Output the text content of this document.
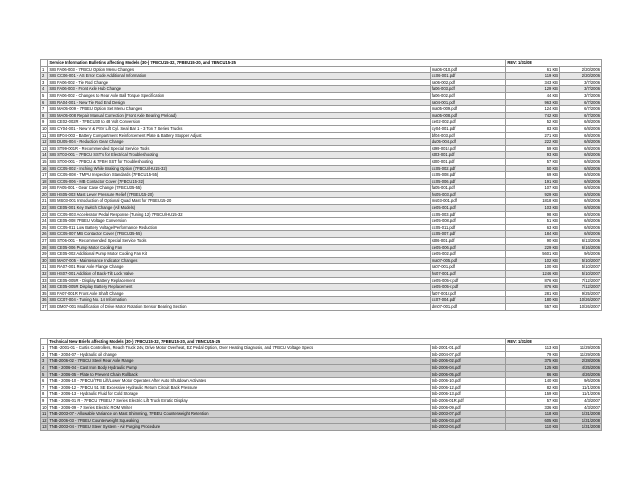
	Service Information Bulletins affecting Models (30-) 7FBCU15-32, 7FBEU15-20, and 7BNCU15-25		REV: 1/31/08	
1	SIB FA06-003 - 7FBCU Option Menu Changes	ma06-010.pdf	61 KB	2/20/2006
2	SIB CC06-001 - AS Error Code Additional Information	cc06-001.pdf	119 KB	2/20/2006
3	SIB FA06-002 - Tie Rod Change	ra06-002.pdf	343 KB	3/7/2006
4	SIB FA06-003 - Front Axle Hub Change	fa06-003.pdf	129 KB	3/7/2006
5	SIB FA06-002 - Changes to Rear Axle Ball Torque Specification	fa06-002.pdf	44 KB	3/7/2006
6	SIB RA04-001 - New Tie Rod End Design	ra04-001.pdf	963 KB	6/7/2006
7	SIB MA05-009 - 7FBEU Option Set Menu Changes	ma05-009.pdf	124 KB	6/7/2006
8	SIB MA05-008 Repair Manual Correction (Front Axle Bearing Preload)	ma05-008.pdf	742 KB	6/7/2006
9	SIB CE02-002R - 7FBCU30 to 48 Volt Conversion	ce02-002.pdf	52 KB	6/8/2006
10	SIB CY04-001 - New V & PSV Lift Cyl. Seal Bar 1 - 3 Ton 7 Series Trucks	cy04-001.pdf	83 KB	6/8/2006
11	SIB BF04-003 - Battery Compartment Reinforcement Plate & Battery Stopper Adjust	bf04-003.pdf	271 KB	6/8/2006
12	SIB DU05-004 - Reduction Gear Change	du05-004.pdf	222 KB	6/8/2006
13	SIB ST99-001R - Recommended Special Service Tools	st99-001r.pdf	59 KB	6/8/2006
14	SIB ST03-001 - 7FBCU SST's for Electrical Troubleshooting	st03-001.pdf	93 KB	6/8/2006
15	SIB ST00-001 - 7FBCU & 7FBH SST for Troubleshooting	st00-001.pdf	57 KB	6/8/2006
16	SIB CC05-002 - Inching While Braking Option (7FBCU/HU15-32)	cc05-002.pdf	50 KB	6/8/2006
17	SIB CC05-008 - TMPU Inspection Standards (7FBCU15-55)	cc05-008.pdf	69 KB	6/8/2006
18	SIB CC05-006 - MB Contactor Cover (7FBCU15-32)	cc05-006.pdf	191 KB	6/8/2006
19	SIB FA05-001 - Gear Case Change (7FBCU35-55)	fa05-001.pdf	107 KB	6/8/2006
20	SIB HS05-003 Mast Lever Pressure Relief (7FBEU15-20)	hs05-003.pdf	929 KB	6/8/2006
21	SIB MS03-001 Introduction of Optional Quad Mast for 7FBEU15-20	ms03-001.pdf	1818 KB	6/8/2006
22	SIB CE05-001 Key Switch Change (All Models)	ce05-001.pdf	103 KB	6/8/2006
23	SIB CC05-003 Accelerator Pedal Response (Tuning 12) 7FBCU/HU15-32	cc05-003.pdf	98 KB	6/8/2006
24	SIB CE05-008 7FBEU Voltage Conversion	ce05-008.pdf	51 KB	6/8/2006
25	SIB CC05-011 Low Battery Voltage/Performance Reduction	cc05-011.pdf	63 KB	6/8/2006
26	SIB CC05-007 MB Contactor Cover (7FBCU35-55)	cc05-007.pdf	184 KB	6/8/2006
27	SIB ST06-001 - Recommended Special Service Tools	st06-001.pdf	90 KB	6/13/2006
28	SIB CE05-006 Pump Motor Cooling Fan	ce05-006.pdf	229 KB	6/16/2006
29	SIB CE05-002 Additional Pump Motor Cooling Fan Kit	ce05-002.pdf	5601 KB	9/6/2006
30	SIB MA07-005 - Maintenance Indicator Changes	ma07-005.pdf	102 KB	5/10/2007
31	SIB RA07-001 Rear Axle Flange Change	ra07-001.pdf	100 KB	5/10/2007
32	SIB HS07-001 Addition of Back-Tilt Lock Valve	hs07-001.pdf	1246 KB	5/10/2007
33	SIB CE05-005R - Display Battery Replacement	ce05-005-r.pdf	876 KB	7/12/2007
34	SIB CE05-005R Display Battery Replacement	ce05-005-r.pdf	876 KB	7/12/2007
35	SIB FA07-001R Front Axle Shaft Change	fa07-001r.pdf	281 KB	9/25/2007
36	SIB CC07-004 - Tuning No. 14 Information	cc07-004.pdf	180 KB	10/26/2007
37	SIB DM07-001 Modification of Drive Motor Rotation Sensor Bearing Section	dm07-001.pdf	557 KB	10/26/2007
	Technical New Briefs affecting Models (30-) 7FBCU15-32, 7FBEU15-20, and 7BNCU15-25		REV: 1/31/08	
1	TNB -2001-01 - Curtis Controllers, Reach Truck 24v, Drive Motor Overheat, EZ Pedal Option, Over Heating Diagnosis, and 7FBCU Voltage Specs	tnb-2001-01.pdf	113 KB	11/29/2005
2	TNB - 2004-07 - Hydraulic oil change	tnb-2004-07.pdf	79 KB	11/29/2005
3	TNB-2006-02 - 7FBCU Steel Rear Axle Range	tnb-2006-02.pdf	375 KB	2/28/2006
4	TNB - 2006-04 - Cast Iron Body Hydraulic Pump	tnb-2006-04.pdf	125 KB	4/25/2006
5	TNB - 2006-05 - Plate to Prevent Chain Rollback	tnb-2006-05.pdf	86 KB	4/26/2006
6	TNB - 2006-10 - 7FBCU/7FB Lift/Lower Motor Operates After Auto Shutdown Activates	tnb-2006-10.pdf	140 KB	9/6/2006
7	TNB - 2006-12 - 7FBCU 51 SE Excessive Hydraulic Return Circuit Back Pressure	tnb-2006-12.pdf	82 KB	11/1/2006
8	TNB - 2006-13 - Hydraulic Fluid for Cold Storage	tnb-2006-13.pdf	159 KB	11/1/2006
9	TNB - 2006-01 R - 7FBCU 7FBEU 7 Series Electric Lift Truck Erratic Display	tnb-2006-01R.pdf	57 KB	4/3/2007
10	TNB - 2006-09 - 7 Series Electric ROM Writer	tnb-2006-09.pdf	336 KB	4/3/2007
11	TNB-2003-07 - Allowable Variance on Mast Shimming, 7FBEU Counterweight Retention	tnb-2003-07.pdf	118 KB	1/31/2008
12	TNB-2006-03 - 7FBEU Counterweight Squeaking	tnb-2006-03.pdf	605 KB	1/31/2008
13	TNB-2003-04 - 7FBEU Steer System - Air Purging Procedure	tnb-2003-04.pdf	110 KB	1/31/2008
